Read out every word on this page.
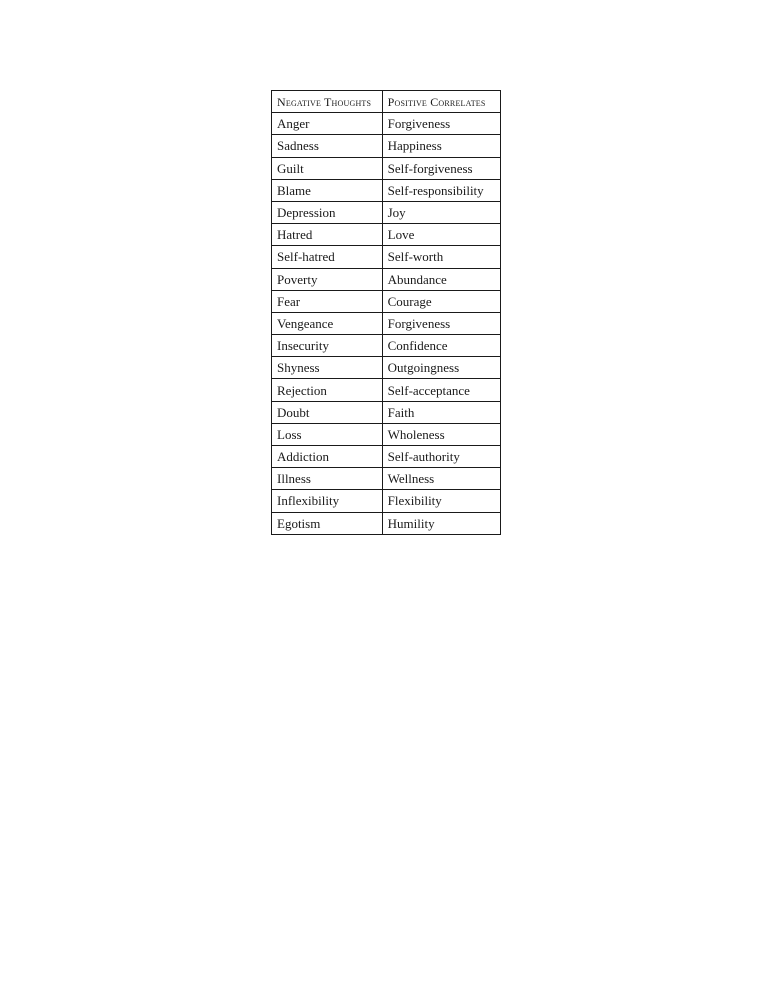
Negative Thoughts	Positive Correlates
Anger	Forgiveness
Sadness	Happiness
Guilt	Self-forgiveness
Blame	Self-responsibility
Depression	Joy
Hatred	Love
Self-hatred	Self-worth
Poverty	Abundance
Fear	Courage
Vengeance	Forgiveness
Insecurity	Confidence
Shyness	Outgoingness
Rejection	Self-acceptance
Doubt	Faith
Loss	Wholeness
Addiction	Self-authority
Illness	Wellness
Inflexibility	Flexibility
Egotism	Humility
